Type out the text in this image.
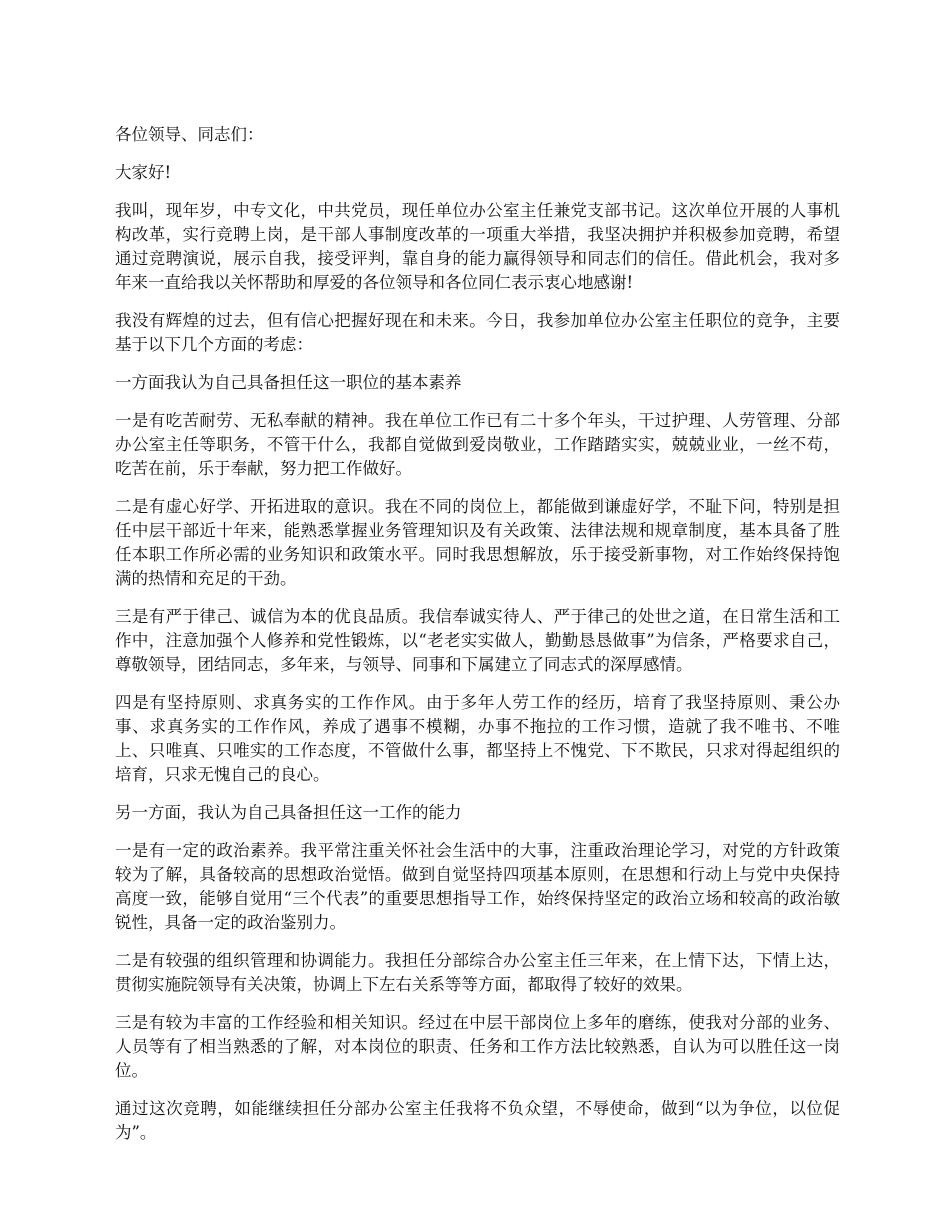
各位领导、同志们：

大家好!

我叫，现年岁，中专文化，中共党员，现任单位办公室主任兼党支部书记。这次单位开展的人事机构改革，实行竞聘上岗，是干部人事制度改革的一项重大举措，我坚决拥护并积极参加竞聘，希望通过竞聘演说，展示自我，接受评判，靠自身的能力赢得领导和同志们的信任。借此机会，我对多年来一直给我以关怀帮助和厚爱的各位领导和各位同仁表示衷心地感谢!

我没有辉煌的过去，但有信心把握好现在和未来。今日，我参加单位办公室主任职位的竞争，主要基于以下几个方面的考虑：

一方面我认为自己具备担任这一职位的基本素养

一是有吃苦耐劳、无私奉献的精神。我在单位工作已有二十多个年头，干过护理、人劳管理、分部办公室主任等职务，不管干什么，我都自觉做到爱岗敬业，工作踏踏实实，兢兢业业，一丝不苟，吃苦在前，乐于奉献，努力把工作做好。

二是有虚心好学、开拓进取的意识。我在不同的岗位上，都能做到谦虚好学，不耻下问，特别是担任中层干部近十年来，能熟悉掌握业务管理知识及有关政策、法律法规和规章制度，基本具备了胜任本职工作所必需的业务知识和政策水平。同时我思想解放，乐于接受新事物，对工作始终保持饱满的热情和充足的干劲。

三是有严于律己、诚信为本的优良品质。我信奉诚实待人、严于律己的处世之道，在日常生活和工作中，注意加强个人修养和党性锻炼，以“老老实实做人，勤勤恳恳做事”为信条，严格要求自己，尊敬领导，团结同志，多年来，与领导、同事和下属建立了同志式的深厚感情。

四是有坚持原则、求真务实的工作作风。由于多年人劳工作的经历，培育了我坚持原则、秉公办事、求真务实的工作作风，养成了遇事不模糊，办事不拖拉的工作习惯，造就了我不唯书、不唯上、只唯真、只唯实的工作态度，不管做什么事，都坚持上不愧党、下不欺民，只求对得起组织的培育，只求无愧自己的良心。

另一方面，我认为自己具备担任这一工作的能力

一是有一定的政治素养。我平常注重关怀社会生活中的大事，注重政治理论学习，对党的方针政策较为了解，具备较高的思想政治觉悟。做到自觉坚持四项基本原则，在思想和行动上与党中央保持高度一致，能够自觉用“三个代表”的重要思想指导工作，始终保持坚定的政治立场和较高的政治敏锐性，具备一定的政治鉴别力。

二是有较强的组织管理和协调能力。我担任分部综合办公室主任三年来，在上情下达，下情上达，贯彻实施院领导有关决策，协调上下左右关系等等方面，都取得了较好的效果。

三是有较为丰富的工作经验和相关知识。经过在中层干部岗位上多年的磨练，使我对分部的业务、人员等有了相当熟悉的了解，对本岗位的职责、任务和工作方法比较熟悉，自认为可以胜任这一岗位。

通过这次竞聘，如能继续担任分部办公室主任我将不负众望，不辱使命，做到“以为争位，以位促为”。
